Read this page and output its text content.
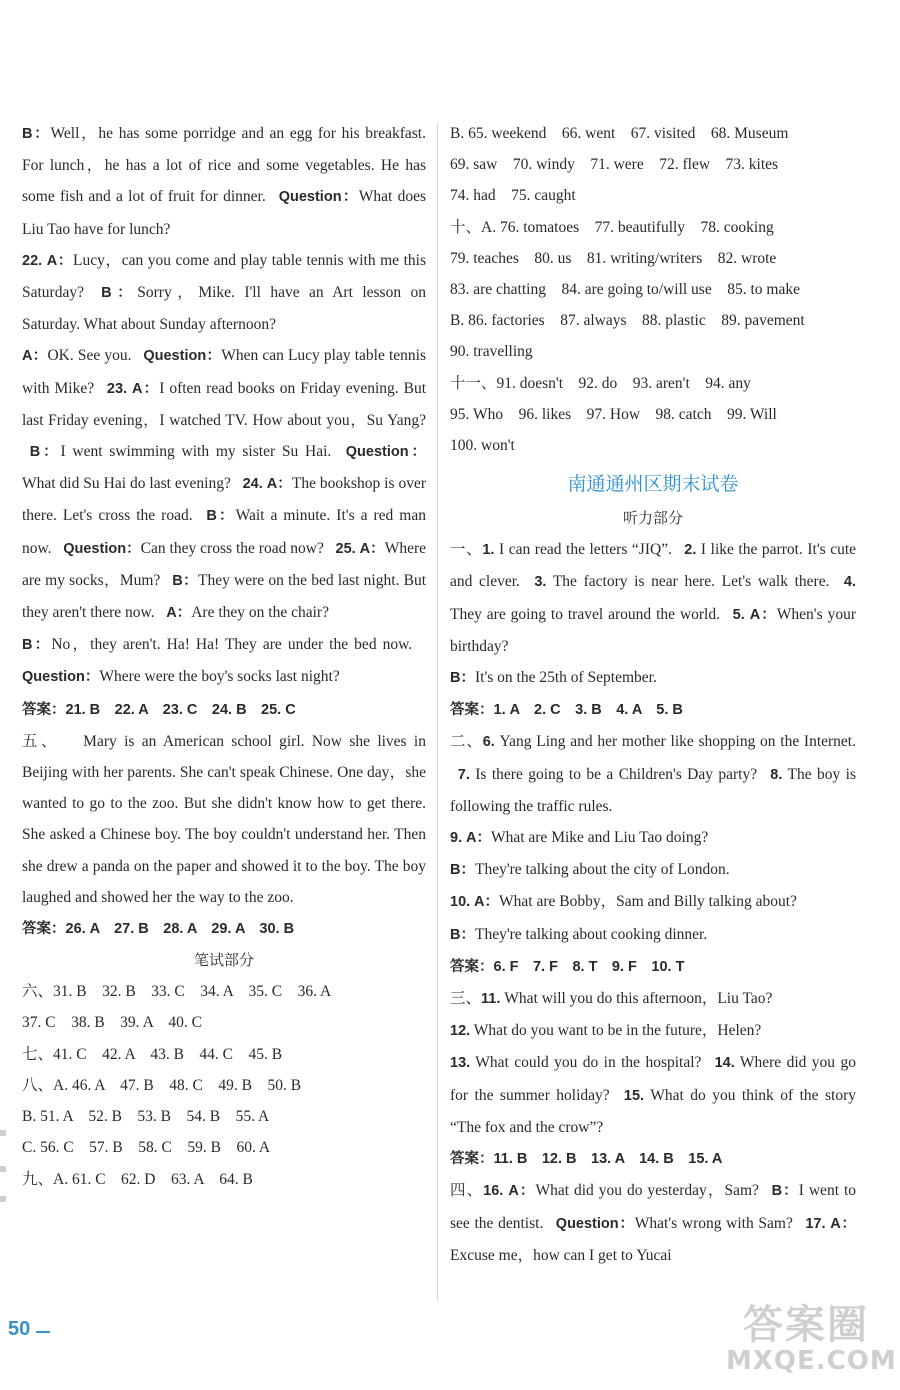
B：Well，he has some porridge and an egg for his breakfast. For lunch，he has a lot of rice and some vegetables. He has some fish and a lot of fruit for dinner.   Question：What does Liu Tao have for lunch?

22. A：Lucy，can you come and play table tennis with me this Saturday?   B：Sorry，Mike. I'll have an Art lesson on Saturday. What about Sunday afternoon?

A：OK. See you.   Question：When can Lucy play table tennis with Mike?   23. A：I often read books on Friday evening. But last Friday evening，I watched TV. How about you，Su Yang?  B：I went swimming with my sister Su Hai.   Question：What did Su Hai do last evening?   24. A：The bookshop is over there. Let's cross the road.   B：Wait a minute. It's a red man now.   Question：Can they cross the road now?   25. A：Where are my socks，Mum?   B：They were on the bed last night. But they aren't there now.   A：Are they on the chair?

B：No，they aren't. Ha! Ha! They are under the bed now.  Question：Where were the boy's socks last night?

答案：21. B　22. A　23. C　24. B　25. C

五、   Mary is an American school girl. Now she lives in Beijing with her parents. She can't speak Chinese. One day，she wanted to go to the zoo. But she didn't know how to get there. She asked a Chinese boy. The boy couldn't understand her. Then she drew a panda on the paper and showed it to the boy. The boy laughed and showed her the way to the zoo.

答案：26. A　27. B　28. A　29. A　30. B

笔试部分

六、31. B　32. B　33. C　34. A　35. C　36. A

37. C　38. B　39. A　40. C

七、41. C　42. A　43. B　44. C　45. B

八、A. 46. A　47. B　48. C　49. B　50. B

B. 51. A　52. B　53. B　54. B　55. A

C. 56. C　57. B　58. C　59. B　60. A

九、A. 61. C　62. D　63. A　64. B

B. 65. weekend　66. went　67. visited　68. Museum

69. saw　70. windy　71. were　72. flew　73. kites

74. had　75. caught

十、A. 76. tomatoes　77. beautifully　78. cooking

79. teaches　80. us　81. writing/writers　82. wrote

83. are chatting　84. are going to/will use　85. to make

B. 86. factories　87. always　88. plastic　89. pavement

90. travelling

十一、91. doesn't　92. do　93. aren't　94. any

95. Who　96. likes　97. How　98. catch　99. Will

100. won't

南通通州区期末试卷
听力部分

一、1. I can read the letters “JIQ”.   2. I like the parrot. It's cute and clever.   3. The factory is near here. Let's walk there.   4. They are going to travel around the world.   5. A：When's your birthday?

B：It's on the 25th of September.

答案：1. A　2. C　3. B　4. A　5. B

二、6. Yang Ling and her mother like shopping on the Internet.  7. Is there going to be a Children's Day party?   8. The boy is following the traffic rules.

9. A：What are Mike and Liu Tao doing?

B：They're talking about the city of London.

10. A：What are Bobby，Sam and Billy talking about?

B：They're talking about cooking dinner.

答案：6. F　7. F　8. T　9. F　10. T

三、11. What will you do this afternoon，Liu Tao?

12. What do you want to be in the future，Helen?

13. What could you do in the hospital?   14. Where did you go for the summer holiday?   15. What do you think of the story “The fox and the crow”?

答案：11. B　12. B　13. A　14. B　15. A

四、16. A：What did you do yesterday，Sam?   B：I went to see the dentist.   Question：What's wrong with Sam?   17. A：Excuse me，how can I get to Yucai

50	答案圈
MXQE.COM
